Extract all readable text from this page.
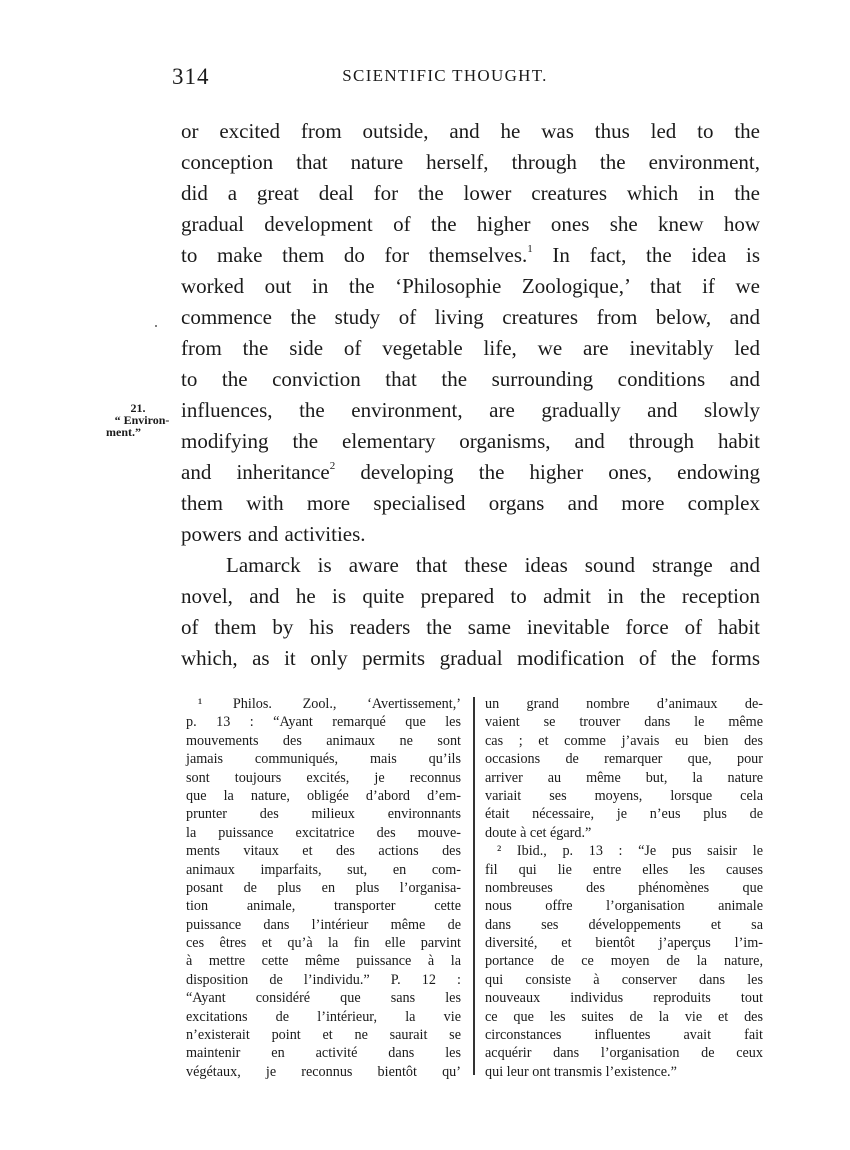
314	SCIENTIFIC THOUGHT.
21.
“ Environ-
ment.”
or excited from outside, and he was thus led to the
conception that nature herself, through the environment,
did a great deal for the lower creatures which in the
gradual development of the higher ones she knew how
to make them do for themselves.$^1$ In fact, the idea is
worked out in the ‘Philosophie Zoologique,’ that if we
commence the study of living creatures from below, and
from the side of vegetable life, we are inevitably led
to the conviction that the surrounding conditions and
influences, the environment, are gradually and slowly
modifying the elementary organisms, and through habit
and inheritance$^2$ developing the higher ones, endowing
them with more specialised organs and more complex
powers and activities.
Lamarck is aware that these ideas sound strange and
novel, and he is quite prepared to admit in the reception
of them by his readers the same inevitable force of habit
which, as it only permits gradual modification of the forms
¹ Philos. Zool., ‘Avertissement,’
p. 13 : “Ayant remarqué que les
mouvements des animaux ne sont
jamais communiqués, mais qu’ils
sont toujours excités, je reconnus
que la nature, obligée d’abord d’em-
prunter des milieux environnants
la puissance excitatrice des mouve-
ments vitaux et des actions des
animaux imparfaits, sut, en com-
posant de plus en plus l’organisa-
tion animale, transporter cette
puissance dans l’intérieur même de
ces êtres et qu’à la fin elle parvint
à mettre cette même puissance à la
disposition de l’individu.” P. 12 :
“Ayant considéré que sans les
excitations de l’intérieur, la vie
n’existerait point et ne saurait se
maintenir en activité dans les
végétaux, je reconnus bientôt qu’
un grand nombre d’animaux de-
vaient se trouver dans le même
cas ; et comme j’avais eu bien des
occasions de remarquer que, pour
arriver au même but, la nature
variait ses moyens, lorsque cela
était nécessaire, je n’eus plus de
doute à cet égard.”
² Ibid., p. 13 : “Je pus saisir le
fil qui lie entre elles les causes
nombreuses des phénomènes que
nous offre l’organisation animale
dans ses développements et sa
diversité, et bientôt j’aperçus l’im-
portance de ce moyen de la nature,
qui consiste à conserver dans les
nouveaux individus reproduits tout
ce que les suites de la vie et des
circonstances influentes avait fait
acquérir dans l’organisation de ceux
qui leur ont transmis l’existence.”
